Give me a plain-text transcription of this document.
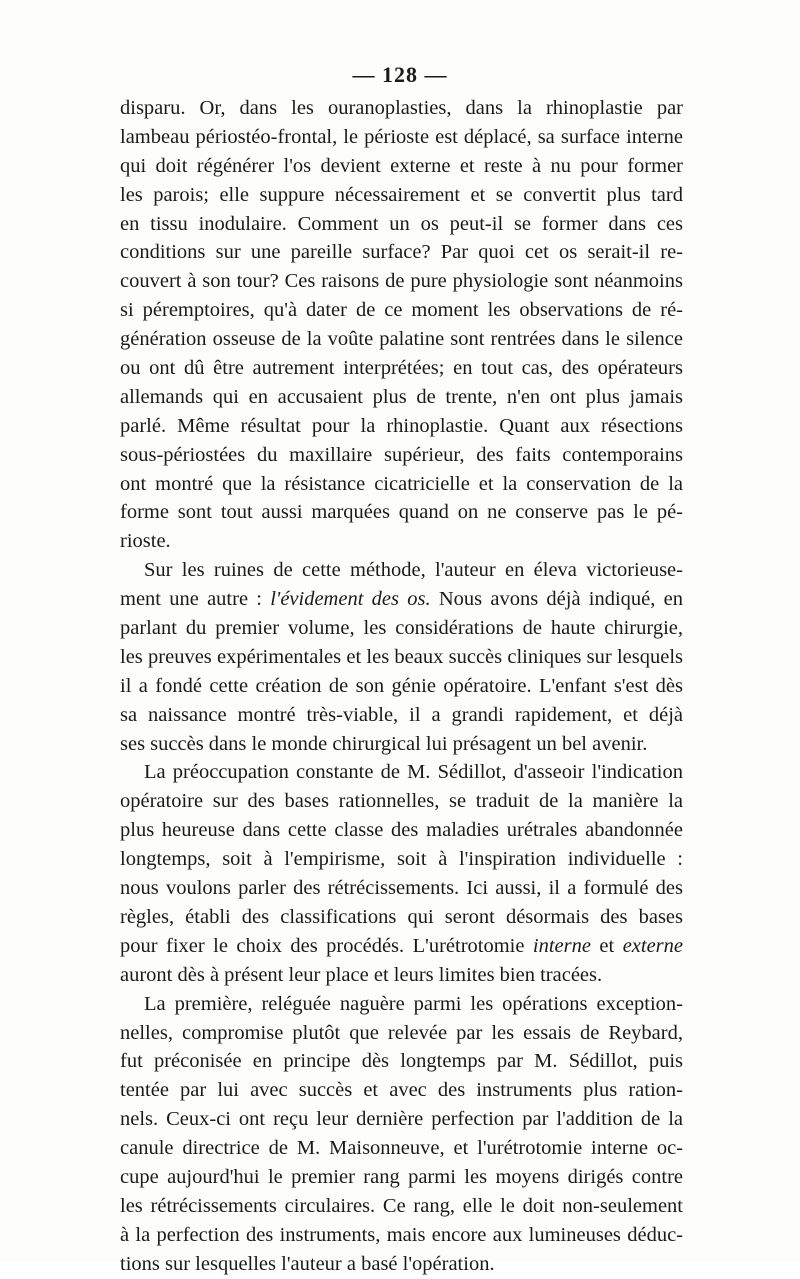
— 128 —
disparu. Or, dans les ouranoplasties, dans la rhinoplastie par
lambeau périostéo-frontal, le périoste est déplacé, sa surface interne
qui doit régénérer l'os devient externe et reste à nu pour former
les parois; elle suppure nécessairement et se convertit plus tard
en tissu inodulaire. Comment un os peut-il se former dans ces
conditions sur une pareille surface? Par quoi cet os serait-il re-
couvert à son tour? Ces raisons de pure physiologie sont néanmoins
si péremptoires, qu'à dater de ce moment les observations de ré-
génération osseuse de la voûte palatine sont rentrées dans le silence
ou ont dû être autrement interprétées; en tout cas, des opérateurs
allemands qui en accusaient plus de trente, n'en ont plus jamais
parlé. Même résultat pour la rhinoplastie. Quant aux résections
sous-périostées du maxillaire supérieur, des faits contemporains
ont montré que la résistance cicatricielle et la conservation de la
forme sont tout aussi marquées quand on ne conserve pas le pé-
rioste.
Sur les ruines de cette méthode, l'auteur en éleva victorieuse-
ment une autre : l'évidement des os. Nous avons déjà indiqué, en
parlant du premier volume, les considérations de haute chirurgie,
les preuves expérimentales et les beaux succès cliniques sur lesquels
il a fondé cette création de son génie opératoire. L'enfant s'est dès
sa naissance montré très-viable, il a grandi rapidement, et déjà
ses succès dans le monde chirurgical lui présagent un bel avenir.
La préoccupation constante de M. Sédillot, d'asseoir l'indication
opératoire sur des bases rationnelles, se traduit de la manière la
plus heureuse dans cette classe des maladies urétrales abandonnée
longtemps, soit à l'empirisme, soit à l'inspiration individuelle :
nous voulons parler des rétrécissements. Ici aussi, il a formulé des
règles, établi des classifications qui seront désormais des bases
pour fixer le choix des procédés. L'urétrotomie interne et externe
auront dès à présent leur place et leurs limites bien tracées.
La première, reléguée naguère parmi les opérations exception-
nelles, compromise plutôt que relevée par les essais de Reybard,
fut préconisée en principe dès longtemps par M. Sédillot, puis
tentée par lui avec succès et avec des instruments plus ration-
nels. Ceux-ci ont reçu leur dernière perfection par l'addition de la
canule directrice de M. Maisonneuve, et l'urétrotomie interne oc-
cupe aujourd'hui le premier rang parmi les moyens dirigés contre
les rétrécissements circulaires. Ce rang, elle le doit non-seulement
à la perfection des instruments, mais encore aux lumineuses déduc-
tions sur lesquelles l'auteur a basé l'opération.
